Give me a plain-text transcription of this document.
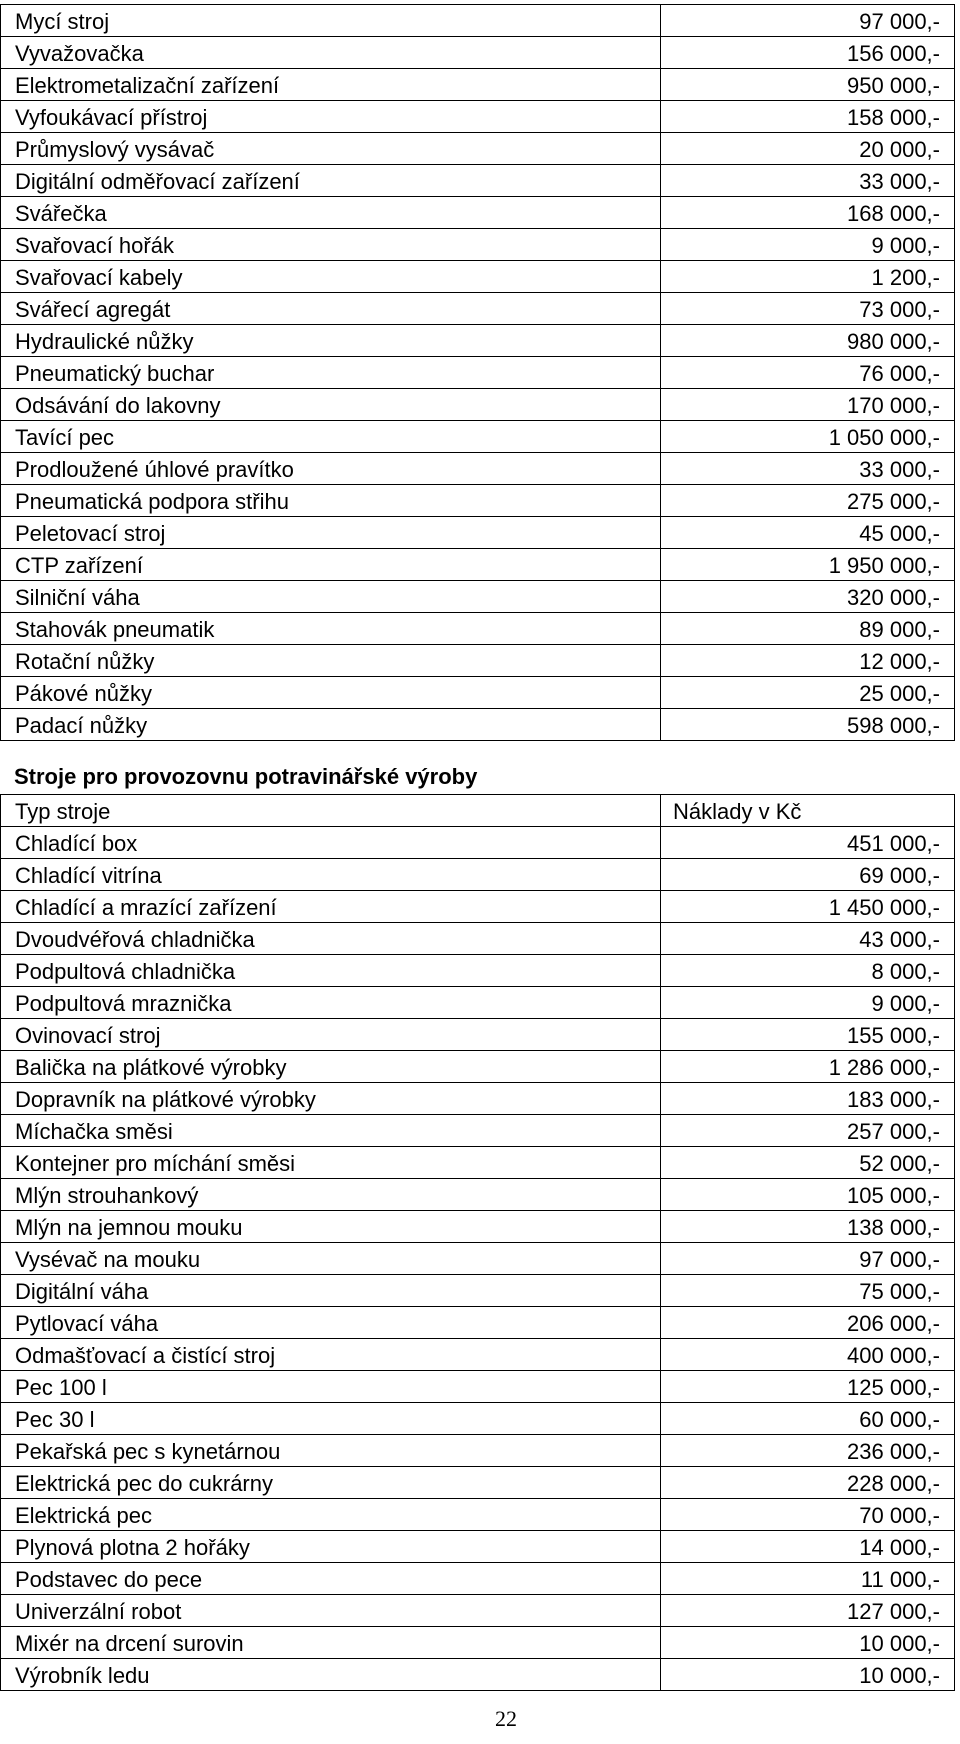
Mycí stroj	97 000,-
Vyvažovačka	156 000,-
Elektrometalizační zařízení	950 000,-
Vyfoukávací přístroj	158 000,-
Průmyslový vysávač	20 000,-
Digitální odměřovací zařízení	33 000,-
Svářečka	168 000,-
Svařovací hořák	9 000,-
Svařovací kabely	1 200,-
Svářecí agregát	73 000,-
Hydraulické nůžky	980 000,-
Pneumatický buchar	76 000,-
Odsávání do lakovny	170 000,-
Tavící pec	1 050 000,-
Prodloužené úhlové pravítko	33 000,-
Pneumatická podpora střihu	275 000,-
Peletovací stroj	45 000,-
CTP zařízení	1 950 000,-
Silniční váha	320 000,-
Stahovák pneumatik	89 000,-
Rotační nůžky	12 000,-
Pákové nůžky	25 000,-
Padací nůžky	598 000,-
Stroje pro provozovnu potravinářské výroby
Typ stroje	Náklady v Kč
Chladící box	451 000,-
Chladící vitrína	69 000,-
Chladící a mrazící zařízení	1 450 000,-
Dvoudvéřová chladnička	43 000,-
Podpultová chladnička	8 000,-
Podpultová mraznička	9 000,-
Ovinovací stroj	155 000,-
Balička na plátkové výrobky	1 286 000,-
Dopravník na plátkové výrobky	183 000,-
Míchačka směsi	257 000,-
Kontejner pro míchání směsi	52 000,-
Mlýn strouhankový	105 000,-
Mlýn na jemnou mouku	138 000,-
Vysévač na mouku	97 000,-
Digitální váha	75 000,-
Pytlovací váha	206 000,-
Odmašťovací a čistící stroj	400 000,-
Pec 100 l	125 000,-
Pec 30 l	60 000,-
Pekařská pec s kynetárnou	236 000,-
Elektrická pec do cukrárny	228 000,-
Elektrická pec	70 000,-
Plynová plotna 2 hořáky	14 000,-
Podstavec do pece	11 000,-
Univerzální robot	127 000,-
Mixér na drcení surovin	10 000,-
Výrobník ledu	10 000,-
22
